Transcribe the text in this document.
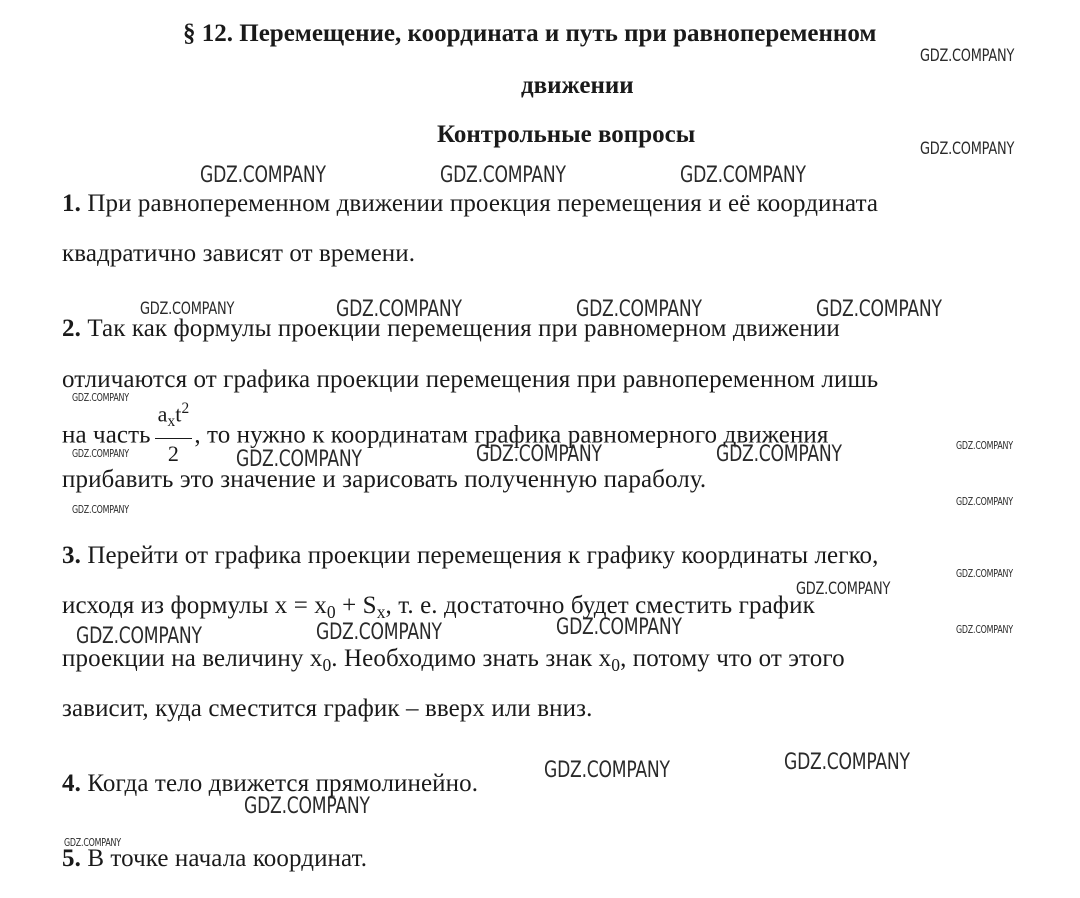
§ 12. Перемещение, координата и путь при равнопеременном
движении
Контрольные вопросы
1. При равнопеременном движении проекция перемещения и её координата
квадратично зависят от времени.
2. Так как формулы проекции перемещения при равномерном движении
отличаются от графика проекции перемещения при равнопеременном лишь
на часть $\frac{a_xt^2}{2}$ , то нужно к координатам графика равномерного движения
прибавить это значение и зарисовать полученную параболу.
3. Перейти от графика проекции перемещения к графику координаты легко,
исходя из формулы $x = x_0 + S_x$, т. е. достаточно будет сместить график
проекции на величину $x_0$. Необходимо знать знак $x_0$, потому что от этого
зависит, куда сместится график – вверх или вниз.
4. Когда тело движется прямолинейно.
5. В точке начала координат.
GDZ.COMPANY
GDZ.COMPANY
GDZ.COMPANY	GDZ.COMPANY	GDZ.COMPANY
GDZ.COMPANY	GDZ.COMPANY	GDZ.COMPANY	GDZ.COMPANY
GDZ.COMPANY
GDZ.COMPANY
GDZ.COMPANY
GDZ.COMPANY	GDZ.COMPANY	GDZ.COMPANY
GDZ.COMPANY
GDZ.COMPANY
GDZ.COMPANY
GDZ.COMPANY
GDZ.COMPANY	GDZ.COMPANY	GDZ.COMPANY	GDZ.COMPANY
GDZ.COMPANY
GDZ.COMPANY
GDZ.COMPANY
GDZ.COMPANY
